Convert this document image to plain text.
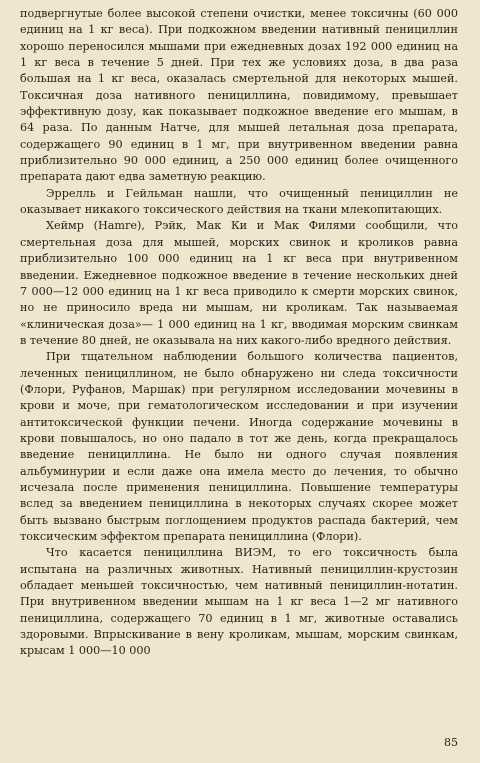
подвергнутые более высокой степени очистки, менее токсичны (60 000 единиц на 1 кг веса). При подкожном введении нативный пенициллин хорошо переносился мышами при ежедневных дозах 192 000 единиц на 1 кг веса в течение 5 дней. При тех же условиях доза, в два раза большая на 1 кг веса, оказалась смертельной для некоторых мышей. Токсичная доза нативного пенициллина, повидимому, превышает эффективную дозу, как показывает подкожное введение его мышам, в 64 раза. По данным Натче, для мышей летальная доза препарата, содержащего 90 единиц в 1 мг, при внутривенном введении равна приблизительно 90 000 единиц, а 250 000 единиц более очищенного препарата дают едва заметную реакцию.

Эррелль и Гейльман нашли, что очищенный пенициллин не оказывает никакого токсического действия на ткани млекопитающих.

Хеймр (Hamre), Рэйк, Мак Ки и Мак Филями сообщили, что смертельная доза для мышей, морских свинок и кроликов равна приблизительно 100 000 единиц на 1 кг веса при внутривенном введении. Ежедневное подкожное введение в течение нескольких дней 7 000—12 000 единиц на 1 кг веса приводило к смерти морских свинок, но не приносило вреда ни мышам, ни кроликам. Так называемая «клиническая доза»— 1 000 единиц на 1 кг, вводимая морским свинкам в течение 80 дней, не оказывала на них какого-либо вредного действия.

При тщательном наблюдении большого количества пациентов, леченных пенициллином, не было обнаружено ни следа токсичности (Флори, Руфанов, Маршак) при регулярном исследовании мочевины в крови и моче, при гематологическом исследовании и при изучении антитоксической функции печени. Иногда содержание мочевины в крови повышалось, но оно падало в тот же день, когда прекращалось введение пенициллина. Не было ни одного случая появления альбуминурии и если даже она имела место до лечения, то обычно исчезала после применения пенициллина. Повышение температуры вслед за введением пенициллина в некоторых случаях скорее может быть вызвано быстрым поглощением продуктов распада бактерий, чем токсическим эффектом препарата пенициллина (Флори).

Что касается пенициллина ВИЭМ, то его токсичность была испытана на различных животных. Нативный пенициллин-крустозин обладает меньшей токсичностью, чем нативный пенициллин-нотатин. При внутривенном введении мышам на 1 кг веса 1—2 мг нативного пенициллина, содержащего 70 единиц в 1 мг, животные оставались здоровыми. Впрыскивание в вену кроликам, мышам, морским свинкам, крысам 1 000—10 000

85
